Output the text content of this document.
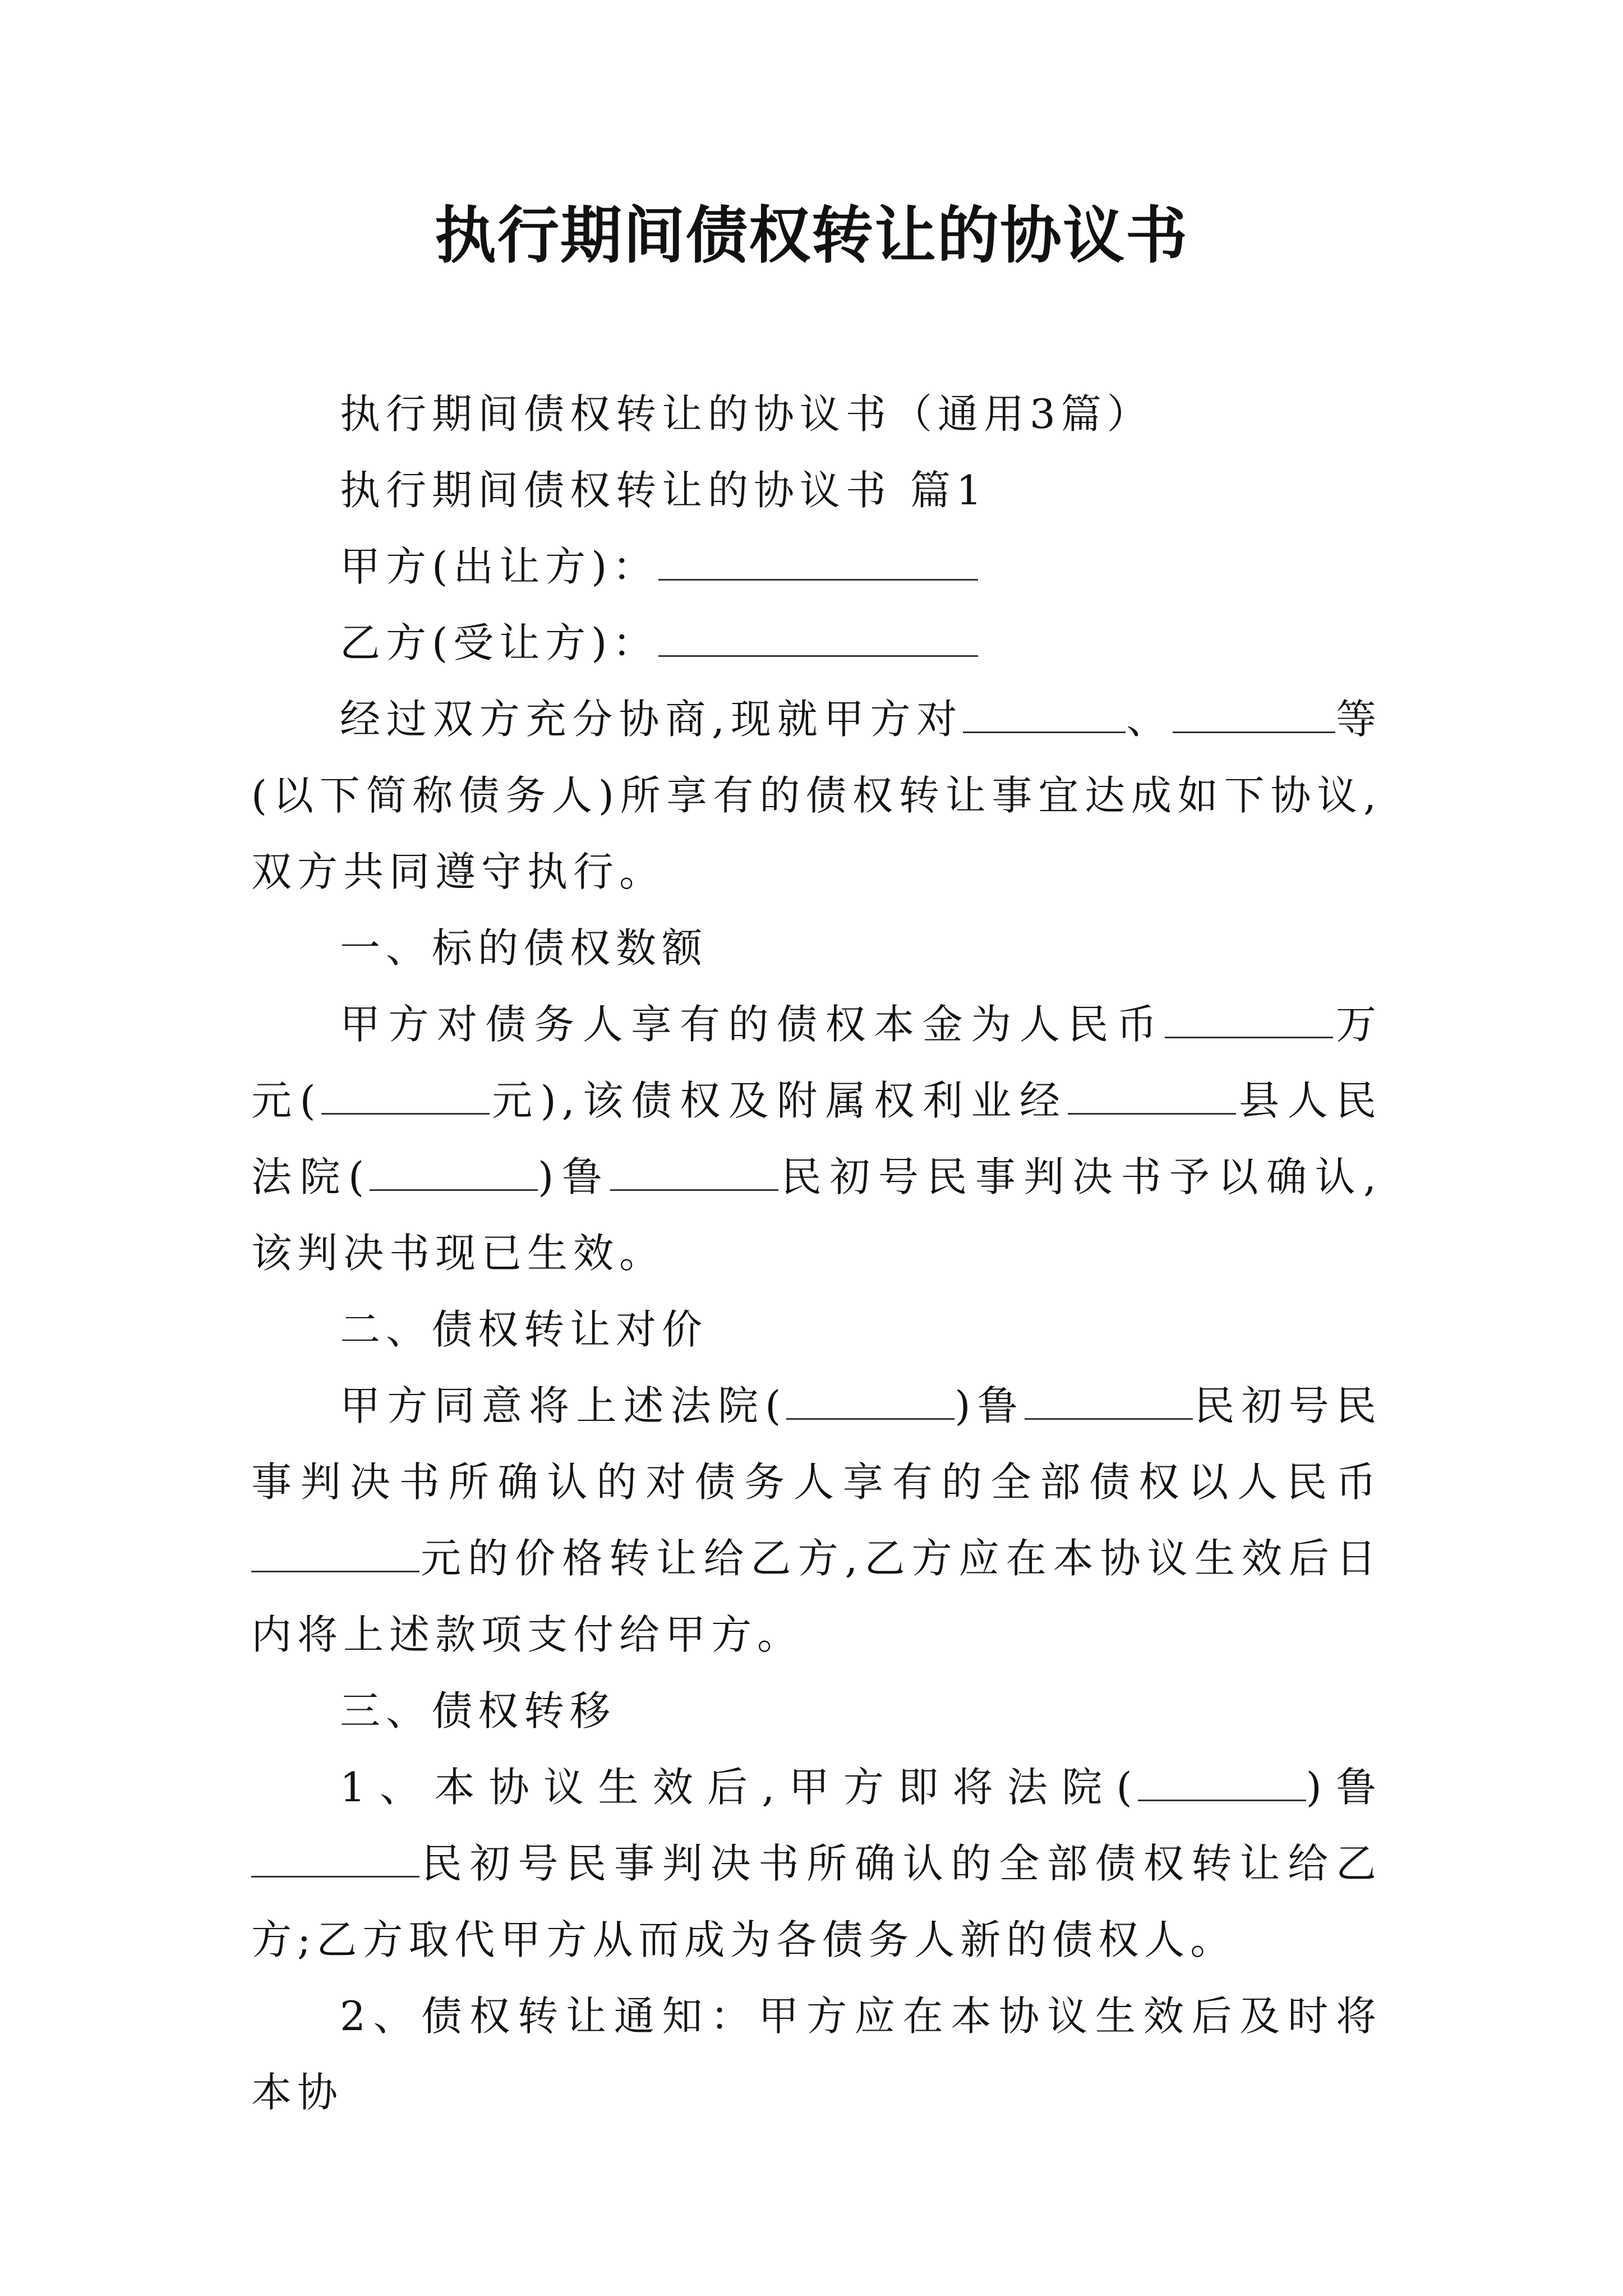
执行期间债权转让的协议书

执行期间债权转让的协议书（通用3篇）

执行期间债权转让的协议书 篇1

甲方(出让方)：

乙方(受让方)：

经过双方充分协商,现就甲方对	、	等(以下简称债务人)所享有的债权转让事宜达成如下协议,双方共同遵守执行。

一、标的债权数额

甲方对债务人享有的债权本金为人民币	万元(	元),该债权及附属权利业经	县人民法院(	)鲁	民初号民事判决书予以确认,该判决书现已生效。

二、债权转让对价

甲方同意将上述法院(	)鲁	民初号民事判决书所确认的对债务人享有的全部债权以人民币元的价格转让给乙方,乙方应在本协议生效后日内将上述款项支付给甲方。

三、债权转移

1、本协议生效后,甲方即将法院(	)鲁民初号民事判决书所确认的全部债权转让给乙方;乙方取代甲方从而成为各债务人新的债权人。

2、债权转让通知：甲方应在本协议生效后及时将本协
